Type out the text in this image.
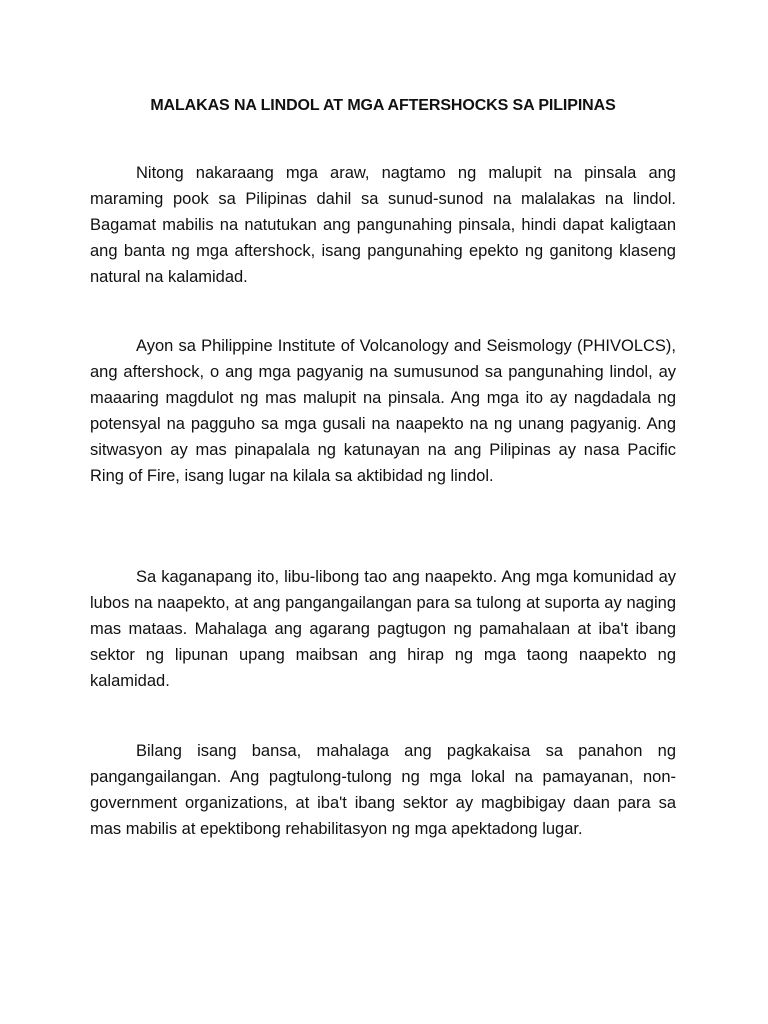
MALAKAS NA LINDOL AT MGA AFTERSHOCKS SA PILIPINAS

Nitong nakaraang mga araw, nagtamo ng malupit na pinsala ang maraming pook sa Pilipinas dahil sa sunud-sunod na malalakas na lindol. Bagamat mabilis na natutukan ang pangunahing pinsala, hindi dapat kaligtaan ang banta ng mga aftershock, isang pangunahing epekto ng ganitong klaseng natural na kalamidad.

Ayon sa Philippine Institute of Volcanology and Seismology (PHIVOLCS), ang aftershock, o ang mga pagyanig na sumusunod sa pangunahing lindol, ay maaaring magdulot ng mas malupit na pinsala. Ang mga ito ay nagdadala ng potensyal na pagguho sa mga gusali na naapekto na ng unang pagyanig. Ang sitwasyon ay mas pinapalala ng katunayan na ang Pilipinas ay nasa Pacific Ring of Fire, isang lugar na kilala sa aktibidad ng lindol.

Sa kaganapang ito, libu-libong tao ang naapekto. Ang mga komunidad ay lubos na naapekto, at ang pangangailangan para sa tulong at suporta ay naging mas mataas. Mahalaga ang agarang pagtugon ng pamahalaan at iba't ibang sektor ng lipunan upang maibsan ang hirap ng mga taong naapekto ng kalamidad.

Bilang isang bansa, mahalaga ang pagkakaisa sa panahon ng pangangailangan. Ang pagtulong-tulong ng mga lokal na pamayanan, non-government organizations, at iba't ibang sektor ay magbibigay daan para sa mas mabilis at epektibong rehabilitasyon ng mga apektadong lugar.
